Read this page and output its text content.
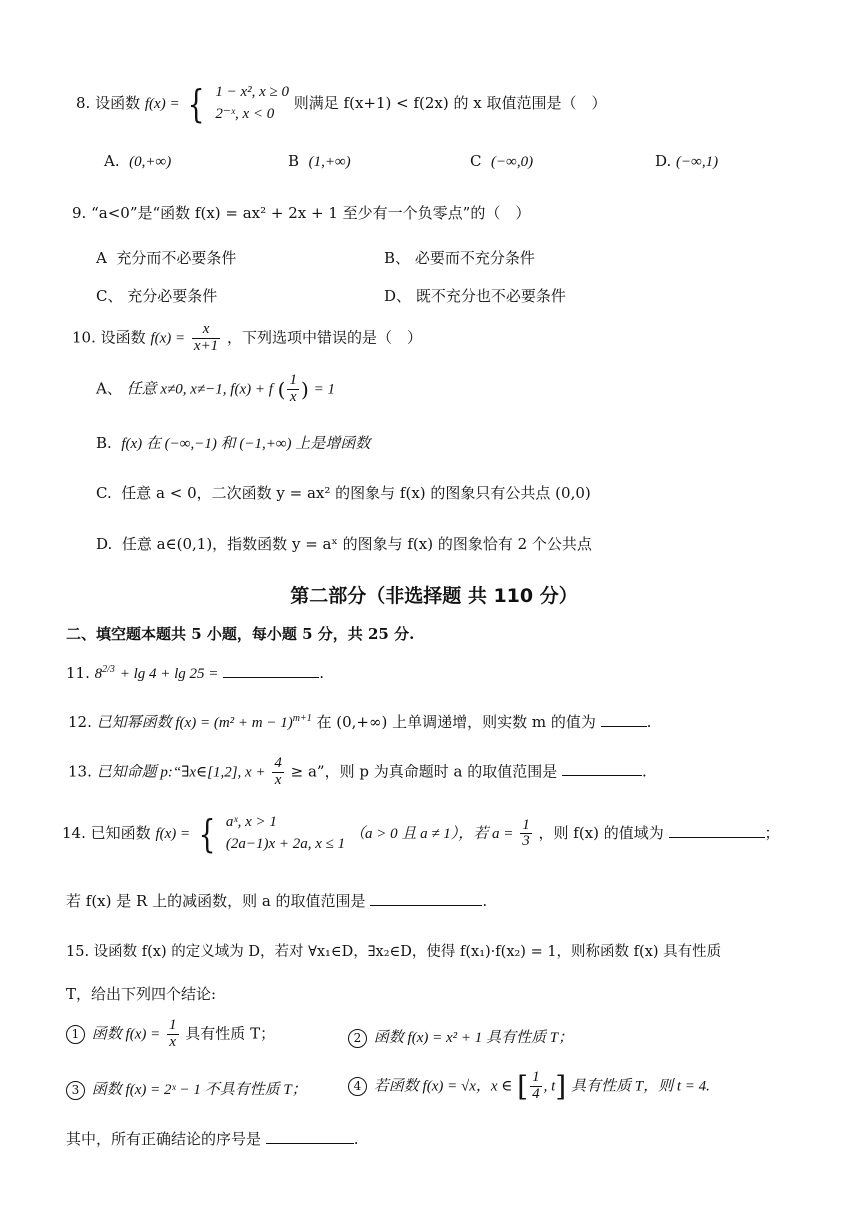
8. 设函数 f(x) = { 1 − x², x ≥ 0
2⁻ˣ, x < 0
则满足 f(x+1) < f(2x) 的 x 取值范围是（　）
A. (0,+∞)	B (1,+∞)	C (−∞,0)	D. (−∞,1)
9. “a<0”是“函数 f(x) = ax² + 2x + 1 至少有一个负零点”的（　）
A 充分而不必要条件	B、 必要而不充分条件
C、 充分必要条件	D、 既不充分也不必要条件
10. 设函数 $f(x) = \frac{x}{x+1}$ ，下列选项中错误的是（　）
A、 任意 x≠0, x≠−1, f(x) + f ( $\frac{1}{x}$ ) = 1
B. f(x) 在 (−∞,−1) 和 (−1,+∞) 上是增函数
C. 任意 a < 0，二次函数 y = ax² 的图象与 f(x) 的图象只有公共点 (0,0)
D. 任意 a∈(0,1)，指数函数 y = aˣ 的图象与 f(x) 的图象恰有 2 个公共点
第二部分（非选择题 共 110 分）
二、填空题本题共 5 小题，每小题 5 分，共 25 分.
11. $8^{2/3} + \lg 4 + \lg 25$ =	.
12. 已知幂函数 $f(x) = (m^2 + m - 1)^{m+1}$ 在 (0,+∞) 上单调递增，则实数 m 的值为	.
13. 已知命题 p:“∃x∈[1,2], $x + \frac{4}{x} \ge a$”，则 p 为真命题时 a 的取值范围是	.
14. 已知函数 f(x) = { aˣ, x > 1
(2a−1)x + 2a, x ≤ 1
（a > 0 且 a ≠ 1），若 $a = \frac{1}{3}$ ，则 f(x) 的值域为	；
若 f(x) 是 R 上的减函数，则 a 的取值范围是	.
15. 设函数 f(x) 的定义域为 D，若对 ∀x₁∈D，∃x₂∈D，使得 f(x₁)·f(x₂) = 1，则称函数 f(x) 具有性质
T，给出下列四个结论:
1 函数 $f(x) = \frac{1}{x}$ 具有性质 T；	2 函数 f(x) = x² + 1 具有性质 T；
3 函数 f(x) = 2ˣ − 1 不具有性质 T；	4 若函数 f(x) = √x，x ∈ [ $\frac{1}{4}$ , t] 具有性质 T，则 t = 4.
其中，所有正确结论的序号是	.
